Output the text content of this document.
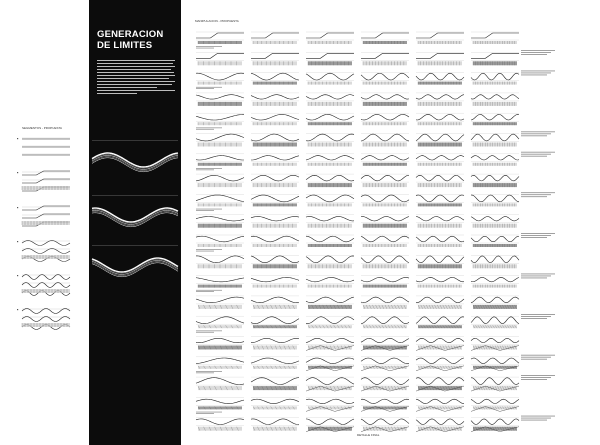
GENERACION DE LIMITES
SEGMENTOS - PROPUESTA
MANIPULACION - PROPUESTA
DETALLE FINAL
